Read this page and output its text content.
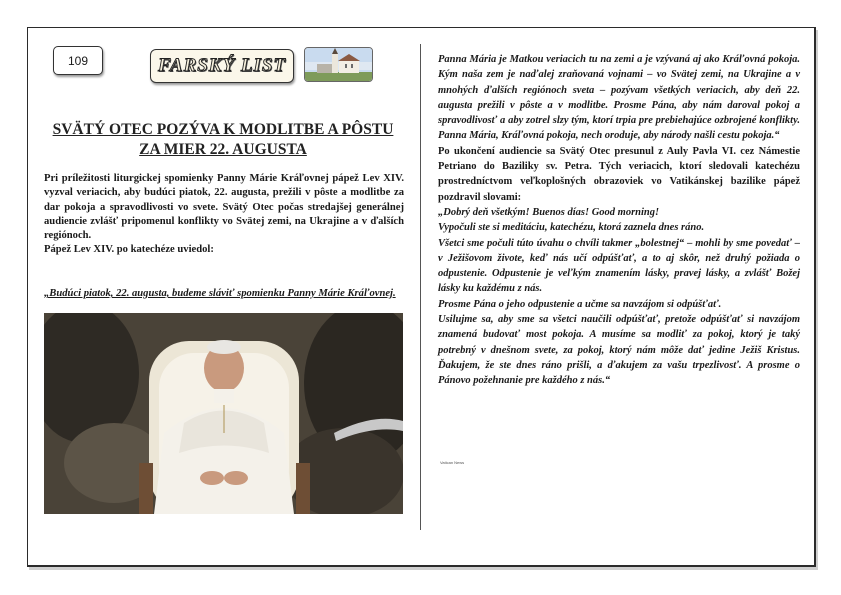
109	FARSKÝ LIST
SVÄTÝ OTEC POZÝVA K MODLITBE A PÔSTU
ZA MIER 22. AUGUSTA
Pri príležitosti liturgickej spomienky Panny Márie Kráľovnej pápež Lev XIV. vyzval veriacich, aby budúci piatok, 22. augusta, prežili v pôste a modlitbe za dar pokoja a spravodlivosti vo svete. Svätý Otec počas stredajšej generálnej audiencie zvlášť pripomenul konflikty vo Svätej zemi, na Ukrajine a v ďalších regiónoch.
Pápež Lev XIV. po katechéze uviedol:
„Budúci piatok, 22. augusta, budeme sláviť spomienku Panny Márie Kráľovnej.

Panna Mária je Matkou veriacich tu na zemi a je vzývaná aj ako Kráľovná pokoja. Kým naša zem je naďalej zraňovaná vojnami – vo Svätej zemi, na Ukrajine a v mnohých ďalších regiónoch sveta – pozývam všetkých veriacich, aby deň 22. augusta prežili v pôste a v modlitbe. Prosme Pána, aby nám daroval pokoj a spravodlivosť a aby zotrel slzy tým, ktorí trpia pre prebiehajúce ozbrojené konflikty. Panna Mária, Kráľovná pokoja, nech oroduje, aby národy našli cestu pokoja.“

Po ukončení audiencie sa Svätý Otec presunul z Auly Pavla VI. cez Námestie Petriano do Baziliky sv. Petra. Tých veriacich, ktorí sledovali katechézu prostredníctvom veľkoplošných obrazoviek vo Vatikánskej bazilike pápež pozdravil slovami:

„Dobrý deň všetkým! Buenos días! Good morning!

Vypočuli ste si meditáciu, katechézu, ktorá zaznela dnes ráno.

Všetci sme počuli túto úvahu o chvíli takmer „bolestnej“ – mohli by sme povedať – v Ježišovom živote, keď nás učí odpúšťať, a to aj skôr, než druhý požiada o odpustenie. Odpustenie je veľkým znamením lásky, pravej lásky, a zvlášť Božej lásky ku každému z nás.

Prosme Pána o jeho odpustenie a učme sa navzájom si odpúšťať.

Usilujme sa, aby sme sa všetci naučili odpúšťať, pretože odpúšťať si navzájom znamená budovať most pokoja. A musíme sa modliť za pokoj, ktorý je taký potrebný v dnešnom svete, za pokoj, ktorý nám môže dať jedine Ježiš Kristus. Ďakujem, že ste dnes ráno prišli, a ďakujem za vašu trpezlivosť. A prosme o Pánovo požehnanie pre každého z nás.“

Vatican News
